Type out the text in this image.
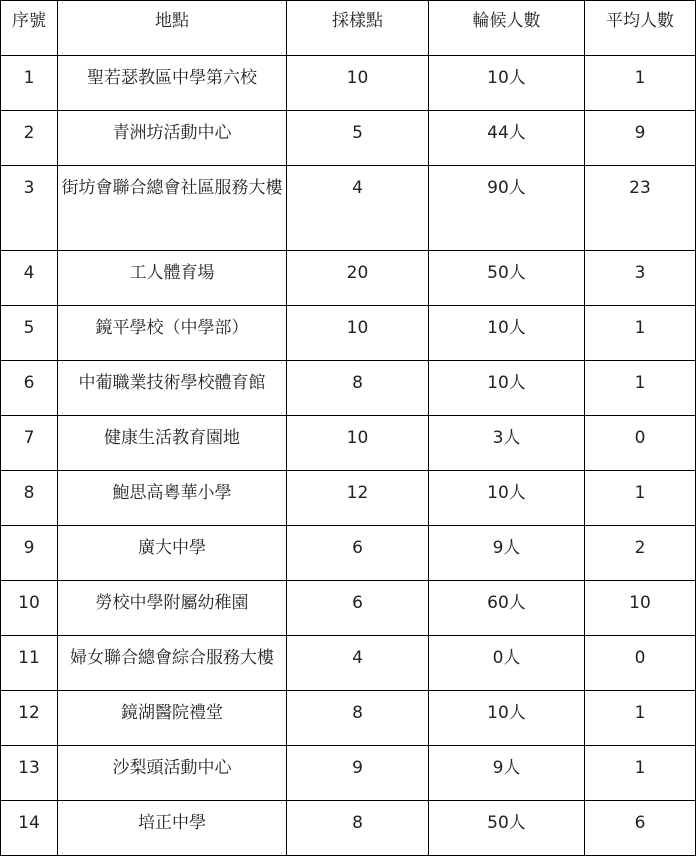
序號	地點	採樣點	輪候人數	平均人數
1	聖若瑟教區中學第六校	10	10人	1
2	青洲坊活動中心	5	44人	9
3	街坊會聯合總會社區服務大樓	4	90人	23
4	工人體育場	20	50人	3
5	鏡平學校（中學部）	10	10人	1
6	中葡職業技術學校體育館	8	10人	1
7	健康生活教育園地	10	3人	0
8	鮑思高粵華小學	12	10人	1
9	廣大中學	6	9人	2
10	勞校中學附屬幼稚園	6	60人	10
11	婦女聯合總會綜合服務大樓	4	0人	0
12	鏡湖醫院禮堂	8	10人	1
13	沙梨頭活動中心	9	9人	1
14	培正中學	8	50人	6
